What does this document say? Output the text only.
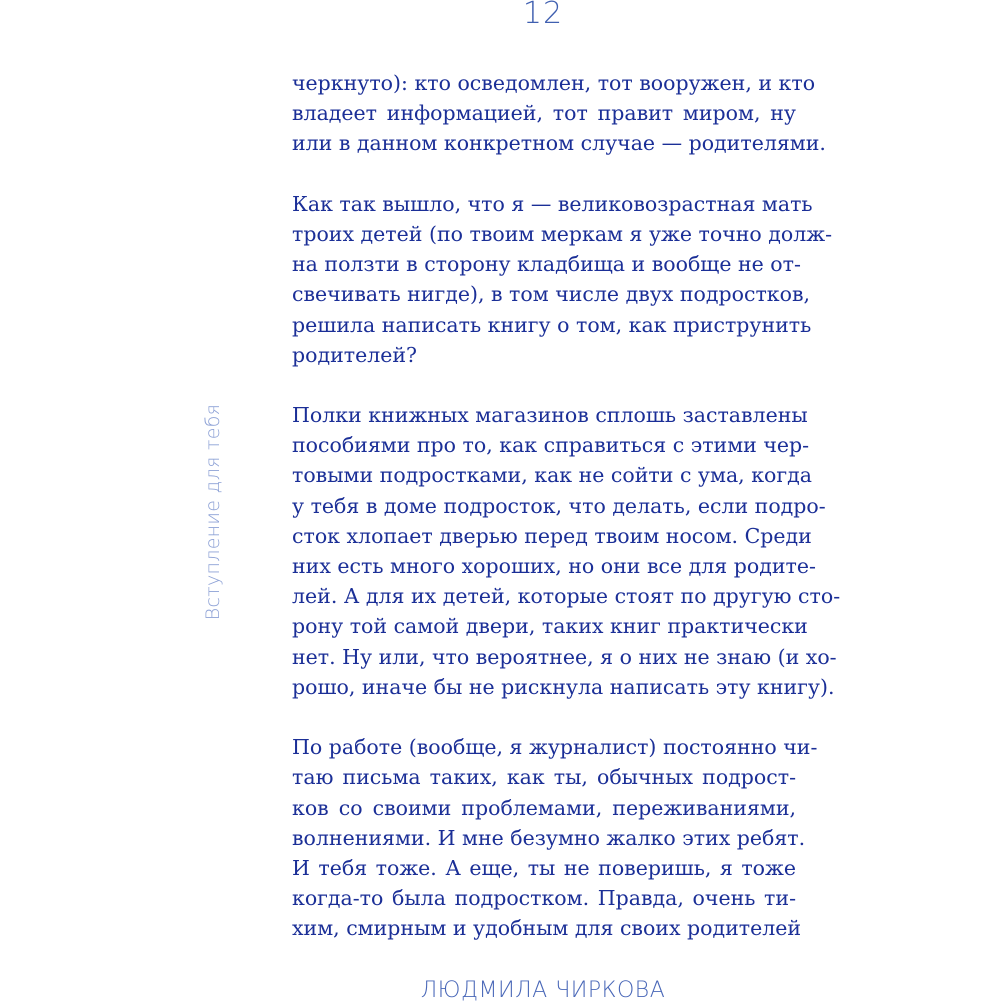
12
Вступление для тебя

черкнуто): кто осведомлен, тот вооружен, и кто
владеет информацией, тот правит миром, ну
или в данном конкретном случае — родителями.

Как так вышло, что я — великовозрастная мать
троих детей (по твоим меркам я уже точно долж-
на ползти в сторону кладбища и вообще не от-
свечивать нигде), в том числе двух подростков,
решила написать книгу о том, как приструнить
родителей?

Полки книжных магазинов сплошь заставлены
пособиями про то, как справиться с этими чер-
товыми подростками, как не сойти с ума, когда
у тебя в доме подросток, что делать, если подро-
сток хлопает дверью перед твоим носом. Среди
них есть много хороших, но они все для родите-
лей. А для их детей, которые стоят по другую сто-
рону той самой двери, таких книг практически
нет. Ну или, что вероятнее, я о них не знаю (и хо-
рошо, иначе бы не рискнула написать эту книгу).

По работе (вообще, я журналист) постоянно чи-
таю письма таких, как ты, обычных подрост-
ков со своими проблемами, переживаниями,
волнениями. И мне безумно жалко этих ребят.
И тебя тоже. А еще, ты не поверишь, я тоже
когда-то была подростком. Правда, очень ти-
хим, смирным и удобным для своих родителей

ЛЮДМИЛА ЧИРКОВА
